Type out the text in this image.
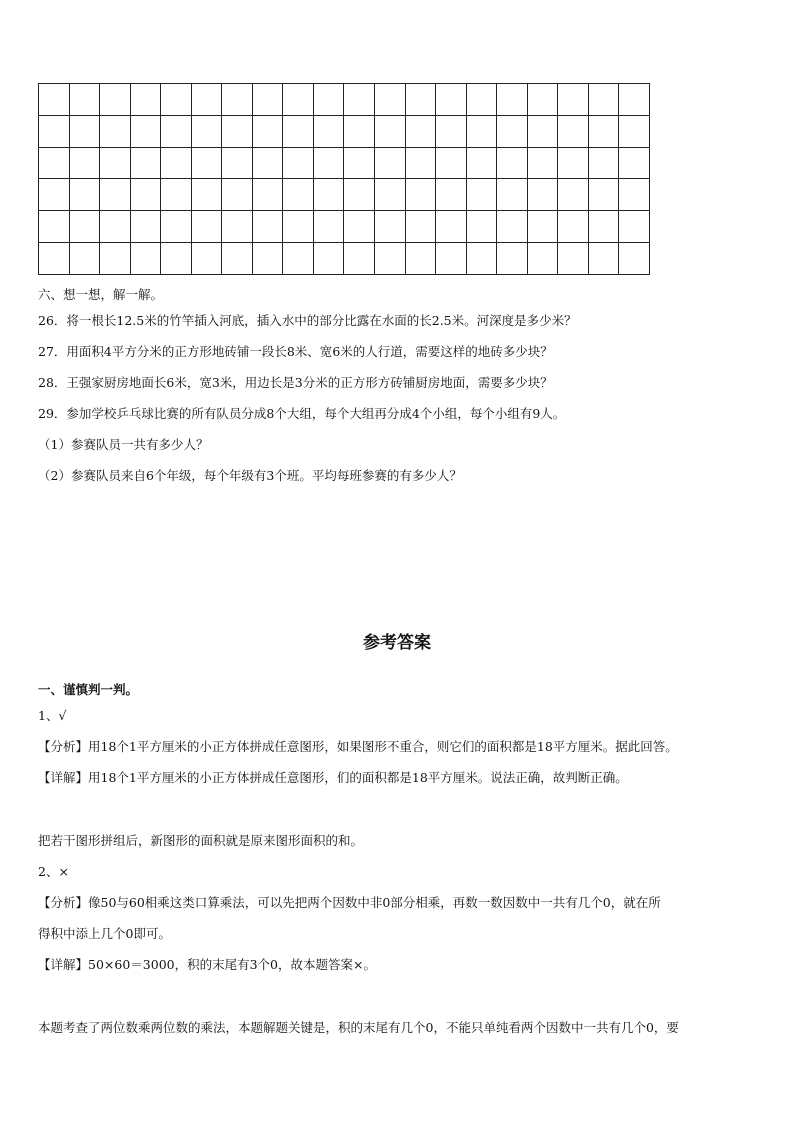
六、想一想，解一解。
26．将一根长12.5米的竹竿插入河底，插入水中的部分比露在水面的长2.5米。河深度是多少米？
27．用面积4平方分米的正方形地砖铺一段长8米、宽6米的人行道，需要这样的地砖多少块？
28．王强家厨房地面长6米，宽3米，用边长是3分米的正方形方砖铺厨房地面，需要多少块？
29．参加学校乒乓球比赛的所有队员分成8个大组，每个大组再分成4个小组，每个小组有9人。
（1）参赛队员一共有多少人？
（2）参赛队员来自6个年级，每个年级有3个班。平均每班参赛的有多少人？
参考答案
一、谨慎判一判。
1、√
【分析】用18个1平方厘米的小正方体拼成任意图形，如果图形不重合，则它们的面积都是18平方厘米。据此回答。
【详解】用18个1平方厘米的小正方体拼成任意图形，们的面积都是18平方厘米。说法正确，故判断正确。
把若干图形拼组后，新图形的面积就是原来图形面积的和。
2、×
【分析】像50与60相乘这类口算乘法，可以先把两个因数中非0部分相乘，再数一数因数中一共有几个0，就在所
得积中添上几个0即可。
【详解】50×60＝3000，积的末尾有3个0，故本题答案×。
本题考查了两位数乘两位数的乘法，本题解题关键是，积的末尾有几个0，不能只单纯看两个因数中一共有几个0，要
